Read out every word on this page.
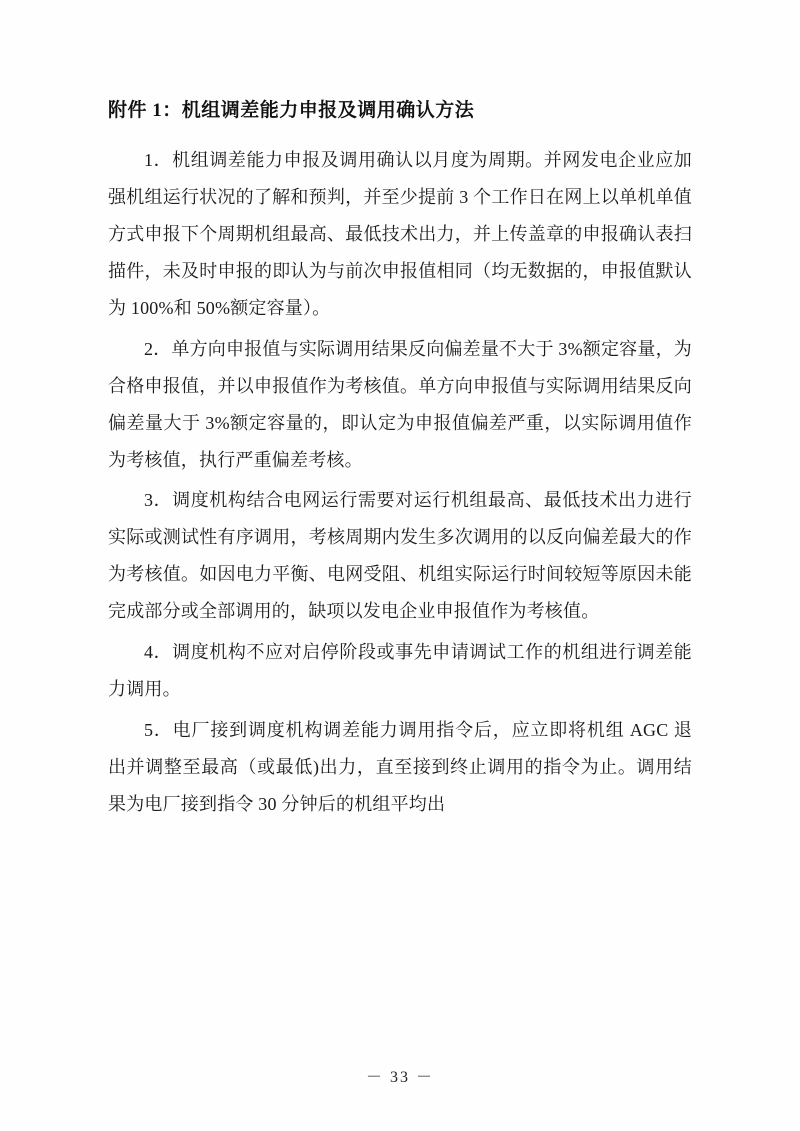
附件 1：机组调差能力申报及调用确认方法

1．机组调差能力申报及调用确认以月度为周期。并网发电企业应加强机组运行状况的了解和预判，并至少提前 3 个工作日在网上以单机单值方式申报下个周期机组最高、最低技术出力，并上传盖章的申报确认表扫描件，未及时申报的即认为与前次申报值相同（均无数据的，申报值默认为 100%和 50%额定容量）。

2．单方向申报值与实际调用结果反向偏差量不大于 3%额定容量，为合格申报值，并以申报值作为考核值。单方向申报值与实际调用结果反向偏差量大于 3%额定容量的，即认定为申报值偏差严重，以实际调用值作为考核值，执行严重偏差考核。

3．调度机构结合电网运行需要对运行机组最高、最低技术出力进行实际或测试性有序调用，考核周期内发生多次调用的以反向偏差最大的作为考核值。如因电力平衡、电网受阻、机组实际运行时间较短等原因未能完成部分或全部调用的，缺项以发电企业申报值作为考核值。

4．调度机构不应对启停阶段或事先申请调试工作的机组进行调差能力调用。

5．电厂接到调度机构调差能力调用指令后，应立即将机组 AGC 退出并调整至最高（或最低)出力，直至接到终止调用的指令为止。调用结果为电厂接到指令 30 分钟后的机组平均出

－ 33 －
